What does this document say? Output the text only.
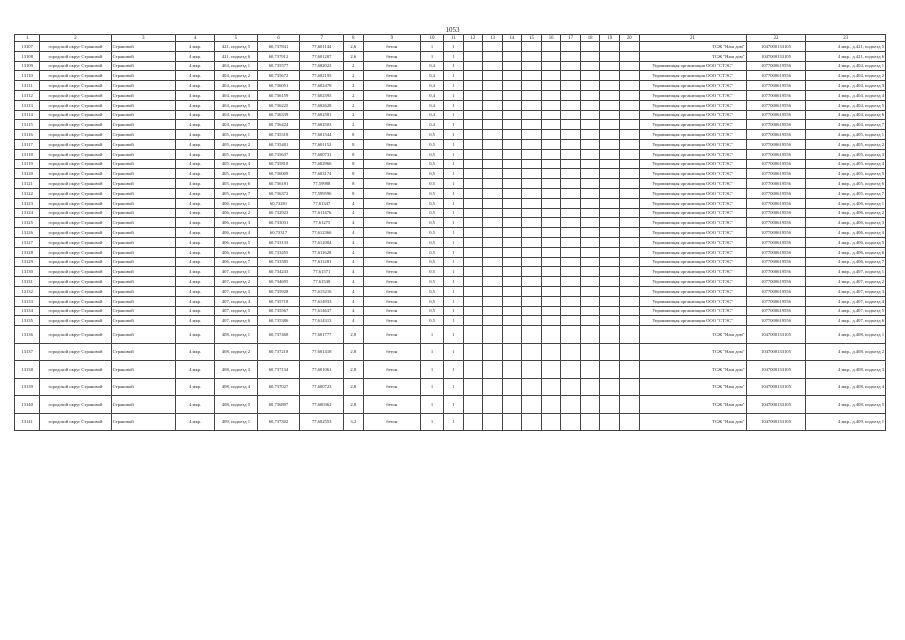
1053
1	2	3	4	5	6	7	8	9	10	11	12	13	14	15	16	17	18	19	20	21	22	23
13107	городской округ Страновой	Страновой	4 мкр.	421, подъезд 5	60,737841	77,601144	2,6	бетон	1	1										ТСЖ "Наш дом"	1047000133105	4 мкр., д.421, подъезд 5
13108	городской округ Страновой	Страновой	4 мкр.	421, подъезд 6	60,737912	77,601207	2,6	бетон	1	1										ТСЖ "Наш дом"	1047000133105	4 мкр., д.421, подъезд 6
13109	городской округ Страновой	Страновой	4 мкр.	404, подъезд 1	60,735577	77,602023	2	бетон	0,4	1										Управляющая организация ООО "СТЭС"	1077000619556	4 мкр., д.404, подъезд 1
13110	городской округ Страновой	Страновой	4 мкр.	404, подъезд 2	60,735672	77,602195	2	бетон	0,4	1										Управляющая организация ООО "СТЭС"	1077000619556	4 мкр., д.404, подъезд 2
13111	городской округ Страновой	Страновой	4 мкр.	404, подъезд 3	60,736051	77,602478	2	бетон	0,4	1										Управляющая организация ООО "СТЭС"	1077000619556	4 мкр., д.404, подъезд 3
13112	городской округ Страновой	Страновой	4 мкр.	404, подъезд 4	60,736159	77,602595	2	бетон	0,4	1										Управляющая организация ООО "СТЭС"	1077000619556	4 мкр., д.404, подъезд 4
13113	городской округ Страновой	Страновой	4 мкр.	404, подъезд 5	60,736225	77,602628	2	бетон	0,4	1										Управляющая организация ООО "СТЭС"	1077000619556	4 мкр., д.404, подъезд 5
13114	городской округ Страновой	Страновой	4 мкр.	404, подъезд 6	60,736339	77,602581	2	бетон	0,4	1										Управляющая организация ООО "СТЭС"	1077000619556	4 мкр., д.404, подъезд 6
13115	городской округ Страновой	Страновой	4 мкр.	404, подъезд 7	60,736424	77,602503	2	бетон	0,4	1										Управляющая организация ООО "СТЭС"	1077000619556	4 мкр., д.404, подъезд 7
13116	городской округ Страновой	Страновой	4 мкр.	405, подъезд 1	60,735318	77,601544	8	бетон	0,5	1										Управляющая организация ООО "СТЭС"	1077000619556	4 мкр., д.405, подъезд 1
13117	городской округ Страновой	Страновой	4 мкр.	405, подъезд 2	60,735481	77,601152	8	бетон	0,5	1										Управляющая организация ООО "СТЭС"	1077000619556	4 мкр., д.405, подъезд 2
13118	городской округ Страновой	Страновой	4 мкр.	405, подъезд 3	60,735637	77,600731	8	бетон	0,5	1										Управляющая организация ООО "СТЭС"	1077000619556	4 мкр., д.405, подъезд 3
13119	городской округ Страновой	Страновой	4 мкр.	405, подъезд 4	60,735818	77,602966	8	бетон	0,5	1										Управляющая организация ООО "СТЭС"	1077000619556	4 мкр., д.405, подъезд 4
13120	городской округ Страновой	Страновой	4 мкр.	405, подъезд 5	60,736009	77,603174	8	бетон	0,5	1										Управляющая организация ООО "СТЭС"	1077000619556	4 мкр., д.405, подъезд 5
13121	городской округ Страновой	Страновой	4 мкр.	405, подъезд 6	60,736181	77,59988	8	бетон	0,5	1										Управляющая организация ООО "СТЭС"	1077000619556	4 мкр., д.405, подъезд 6
13122	городской округ Страновой	Страновой	4 мкр.	405, подъезд 7	60,736372	77,599596	8	бетон	0,5	1										Управляющая организация ООО "СТЭС"	1077000619556	4 мкр., д.405, подъезд 7
13123	городской округ Страновой	Страновой	4 мкр.	406, подъезд 1	60,73281	77,61347	4	бетон	0,5	1										Управляющая организация ООО "СТЭС"	1077000619556	4 мкр., д.406, подъезд 1
13124	городской округ Страновой	Страновой	4 мкр.	406, подъезд 2	60,732923	77,611476	4	бетон	0,5	1										Управляющая организация ООО "СТЭС"	1077000619556	4 мкр., д.406, подъезд 2
13125	городской округ Страновой	Страновой	4 мкр.	406, подъезд 3	60,733031	77,61275	4	бетон	0,5	1										Управляющая организация ООО "СТЭС"	1077000619556	4 мкр., д.406, подъезд 3
13126	городской округ Страновой	Страновой	4 мкр.	406, подъезд 4	60,73317	77,612366	4	бетон	0,5	1										Управляющая организация ООО "СТЭС"	1077000619556	4 мкр., д.406, подъезд 4
13127	городской округ Страновой	Страновой	4 мкр.	406, подъезд 5	60,733133	77,612004	4	бетон	0,5	1										Управляющая организация ООО "СТЭС"	1077000619556	4 мкр., д.406, подъезд 5
13128	городской округ Страновой	Страновой	4 мкр.	406, подъезд 6	60,733455	77,611628	4	бетон	0,5	1										Управляющая организация ООО "СТЭС"	1077000619556	4 мкр., д.406, подъезд 6
13129	городской округ Страновой	Страновой	4 мкр.	406, подъезд 7	60,733585	77,611281	4	бетон	0,5	1										Управляющая организация ООО "СТЭС"	1077000619556	4 мкр., д.406, подъезд 7
13130	городской округ Страновой	Страновой	4 мкр.	407, подъезд 1	60,734243	77,61571	4	бетон	0,5	1										Управляющая организация ООО "СТЭС"	1077000619556	4 мкр., д.407, подъезд 1
13131	городской округ Страновой	Страновой	4 мкр.	407, подъезд 2	60,734695	77,61548	4	бетон	0,5	1										Управляющая организация ООО "СТЭС"	1077000619556	4 мкр., д.407, подъезд 2
13132	городской округ Страновой	Страновой	4 мкр.	407, подъезд 3	60,735928	77,615216	4	бетон	0,5	1										Управляющая организация ООО "СТЭС"	1077000619556	4 мкр., д.407, подъезд 3
13133	городской округ Страновой	Страновой	4 мкр.	407, подъезд 4	60,735718	77,614933	4	бетон	0,5	1										Управляющая организация ООО "СТЭС"	1077000619556	4 мкр., д.407, подъезд 4
13134	городской округ Страновой	Страновой	4 мкр.	407, подъезд 5	60,735567	77,614637	4	бетон	0,5	1										Управляющая организация ООО "СТЭС"	1077000619556	4 мкр., д.407, подъезд 5
13135	городской округ Страновой	Страновой	4 мкр.	407, подъезд 6	60,735386	77,614313	4	бетон	0,5	1										Управляющая организация ООО "СТЭС"	1077000619556	4 мкр., д.407, подъезд 6
13136	городской округ Страновой	Страновой	4 мкр.	408, подъезд 1	60,737468	77,601777	2,8	бетон	1	1										ТСЖ "Наш дом"	1047000133105	4 мкр., д.408, подъезд 1
13137	городской округ Страновой	Страновой	4 мкр.	408, подъезд 2	60,737218	77,601418	2,8	бетон	1	1										ТСЖ "Наш дом"	1047000133105	4 мкр., д.408, подъезд 2
13138	городской округ Страновой	Страновой	4 мкр.	408, подъезд 3	60,737134	77,601061	2,8	бетон	1	1										ТСЖ "Наш дом"	1047000133105	4 мкр., д.408, подъезд 3
13139	городской округ Страновой	Страновой	4 мкр.	408, подъезд 4	60,737027	77,600723	2,8	бетон	1	1										ТСЖ "Наш дом"	1047000133105	4 мкр., д.408, подъезд 4
13140	городской округ Страновой	Страновой	4 мкр.	408, подъезд 5	60,736897	77,600362	2,8	бетон	1	1										ТСЖ "Наш дом"	1047000133105	4 мкр., д.408, подъезд 5
13141	городской округ Страновой	Страновой	4 мкр.	409, подъезд 1	60,737302	77,602553	3,2	бетон	1	1										ТСЖ "Наш дом"	1047000133105	4 мкр., д.409, подъезд 1
